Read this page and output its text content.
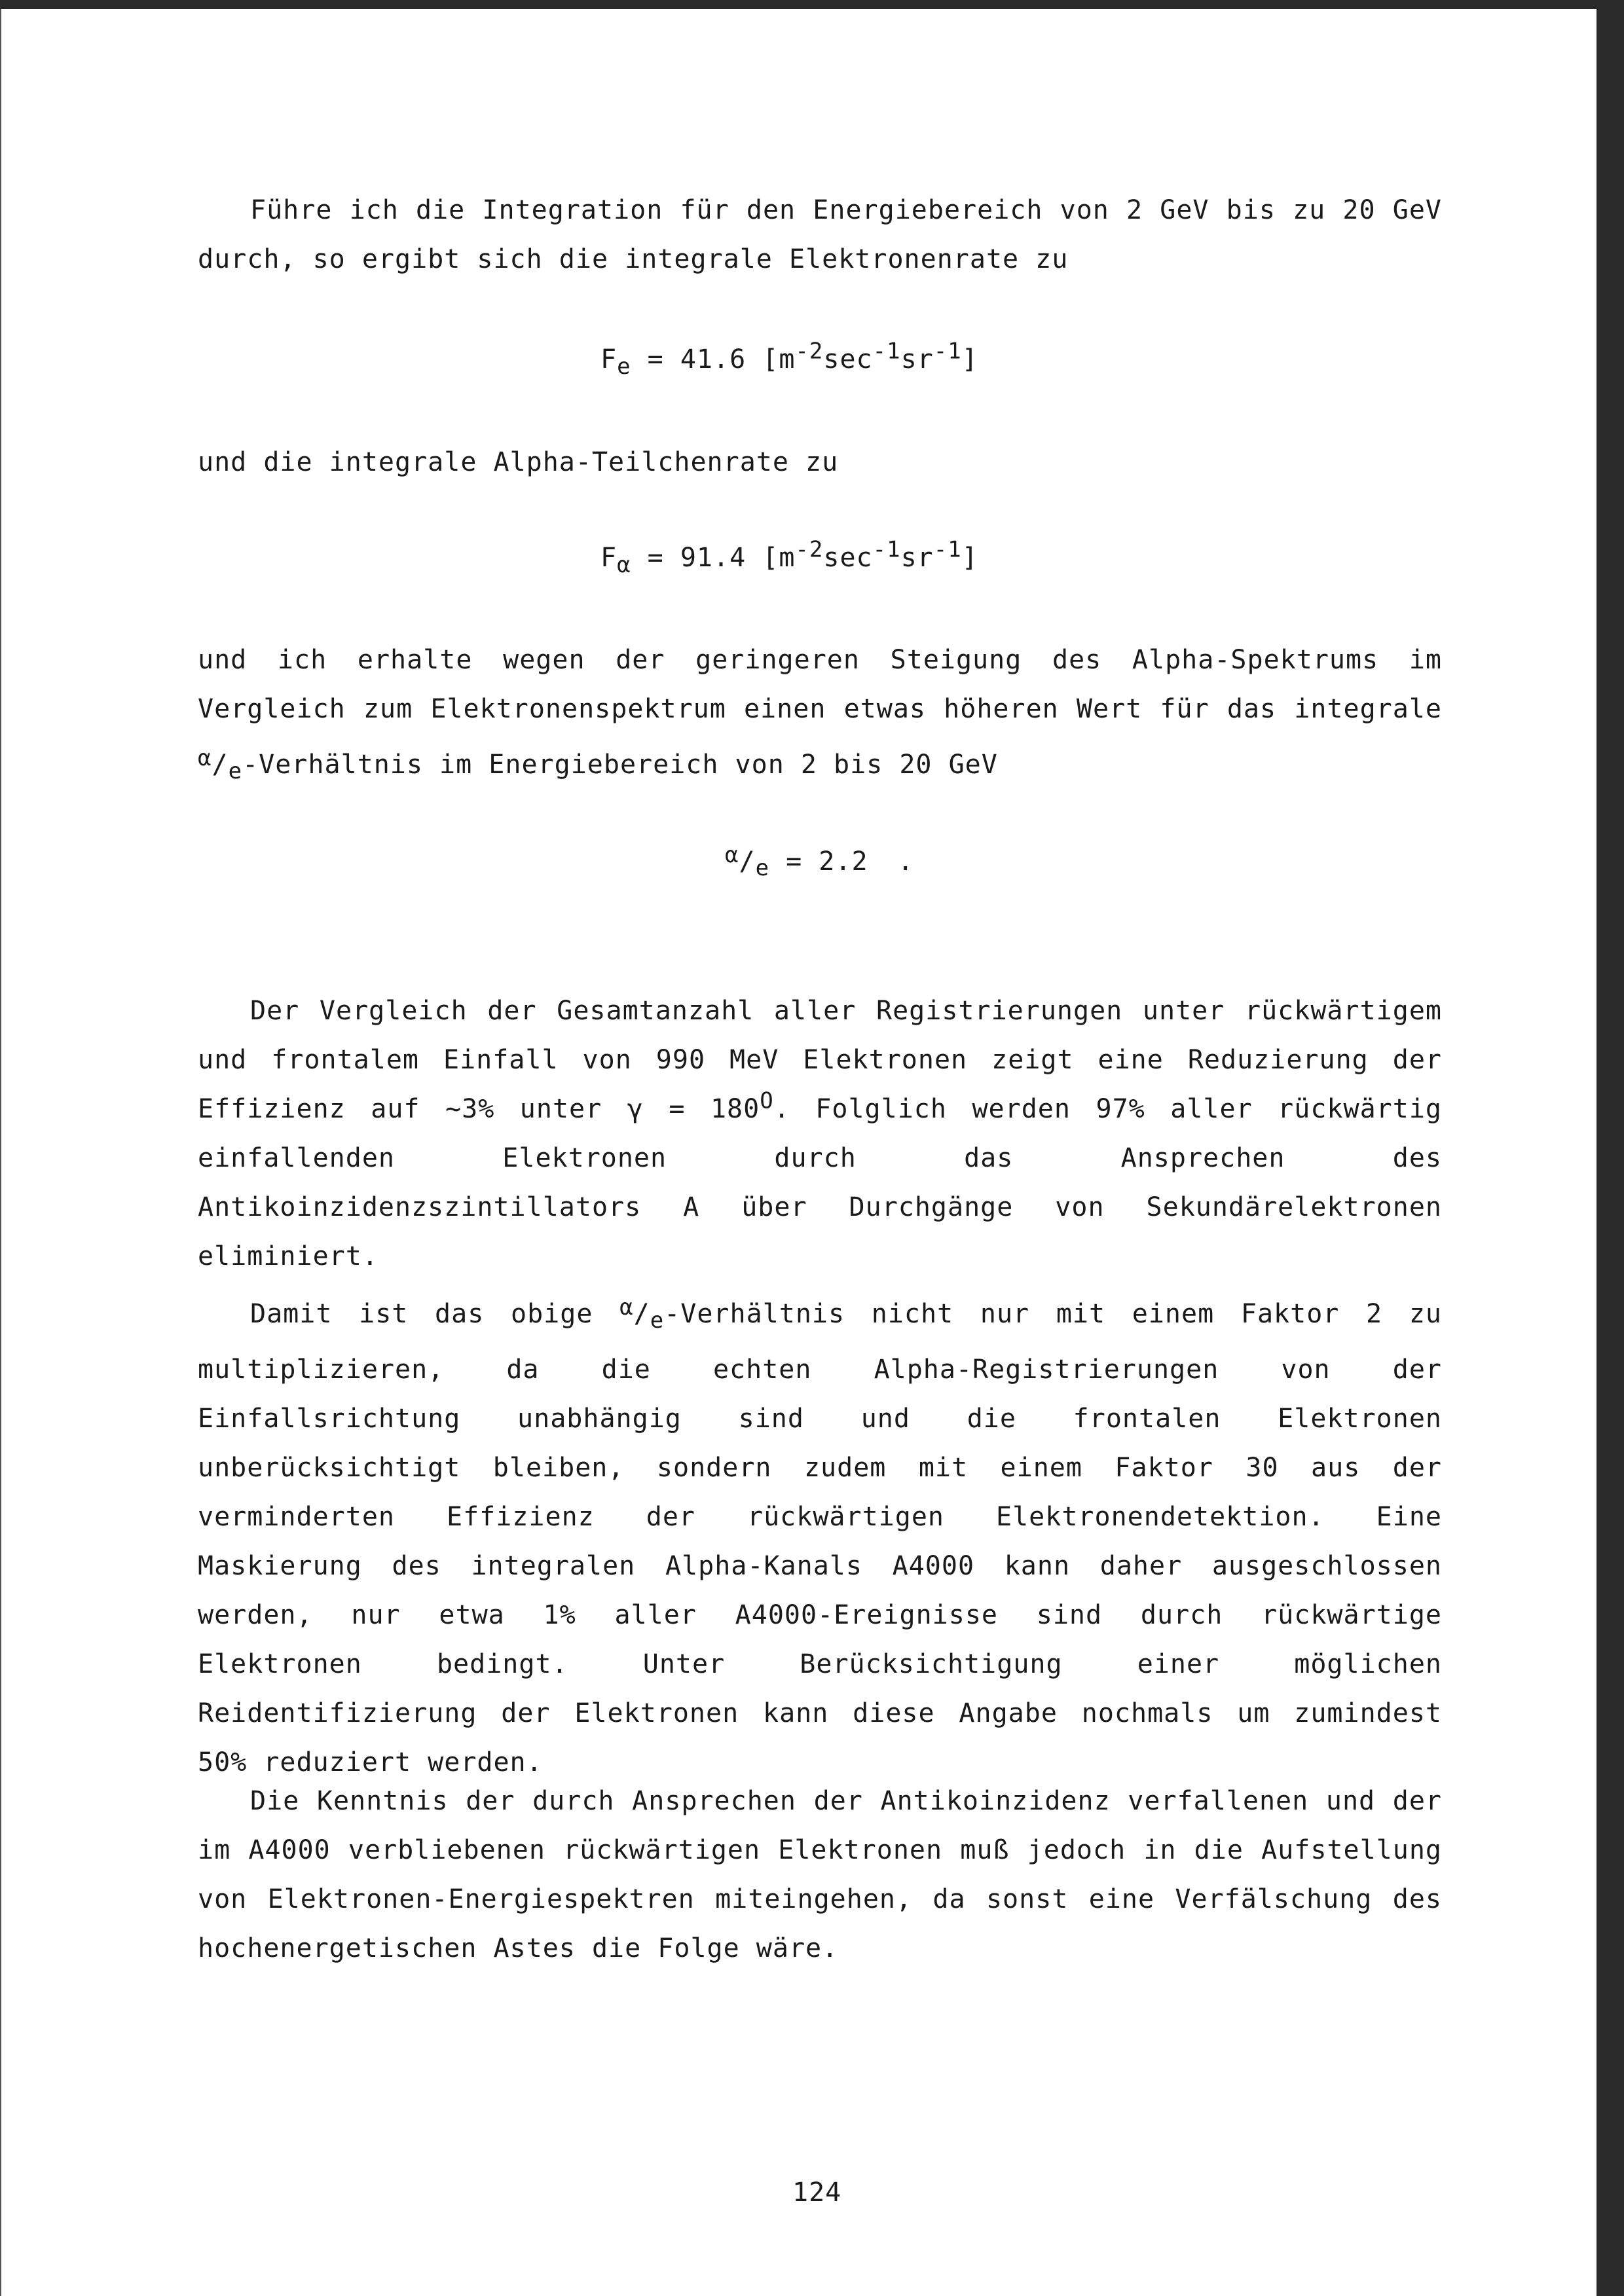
Führe ich die Integration für den Energiebereich von 2 GeV bis zu 20 GeV durch, so ergibt sich die integrale Elektronenrate zu
$F_e = 41.6$ $[m^{-2}\sec^{-1}sr^{-1}]$
und die integrale Alpha-Teilchenrate zu
$F_\alpha = 91.4$ $[m^{-2}\sec^{-1}sr^{-1}]$
und ich erhalte wegen der geringeren Steigung des Alpha-Spektrums im Vergleich zum Elektronenspektrum einen etwas höheren Wert für das integrale $^\alpha/_e$-Verhältnis im Energiebereich von 2 bis 20 GeV
$^\alpha/_e = 2.2$ .
Der Vergleich der Gesamtanzahl aller Registrierungen unter rückwärtigem und frontalem Einfall von 990 MeV Elektronen zeigt eine Reduzierung der Effizienz auf ~3% unter $\gamma = 180^O$. Folglich werden 97% aller rückwärtig einfallenden Elektronen durch das Ansprechen des Antikoinzidenzszintillators A über Durchgänge von Sekundärelektronen eliminiert.
Damit ist das obige $^\alpha/_e$-Verhältnis nicht nur mit einem Faktor 2 zu multiplizieren, da die echten Alpha-Registrierungen von der Einfallsrichtung unabhängig sind und die frontalen Elektronen unberücksichtigt bleiben, sondern zudem mit einem Faktor 30 aus der verminderten Effizienz der rückwärtigen Elektronendetektion. Eine Maskierung des integralen Alpha-Kanals A4000 kann daher ausgeschlossen werden, nur etwa 1% aller A4000-Ereignisse sind durch rückwärtige Elektronen bedingt. Unter Berücksichtigung einer möglichen Reidentifizierung der Elektronen kann diese Angabe nochmals um zumindest 50% reduziert werden.
Die Kenntnis der durch Ansprechen der Antikoinzidenz verfallenen und der im A4000 verbliebenen rückwärtigen Elektronen muß jedoch in die Aufstellung von Elektronen-Energiespektren miteingehen, da sonst eine Verfälschung des hochenergetischen Astes die Folge wäre.
124
